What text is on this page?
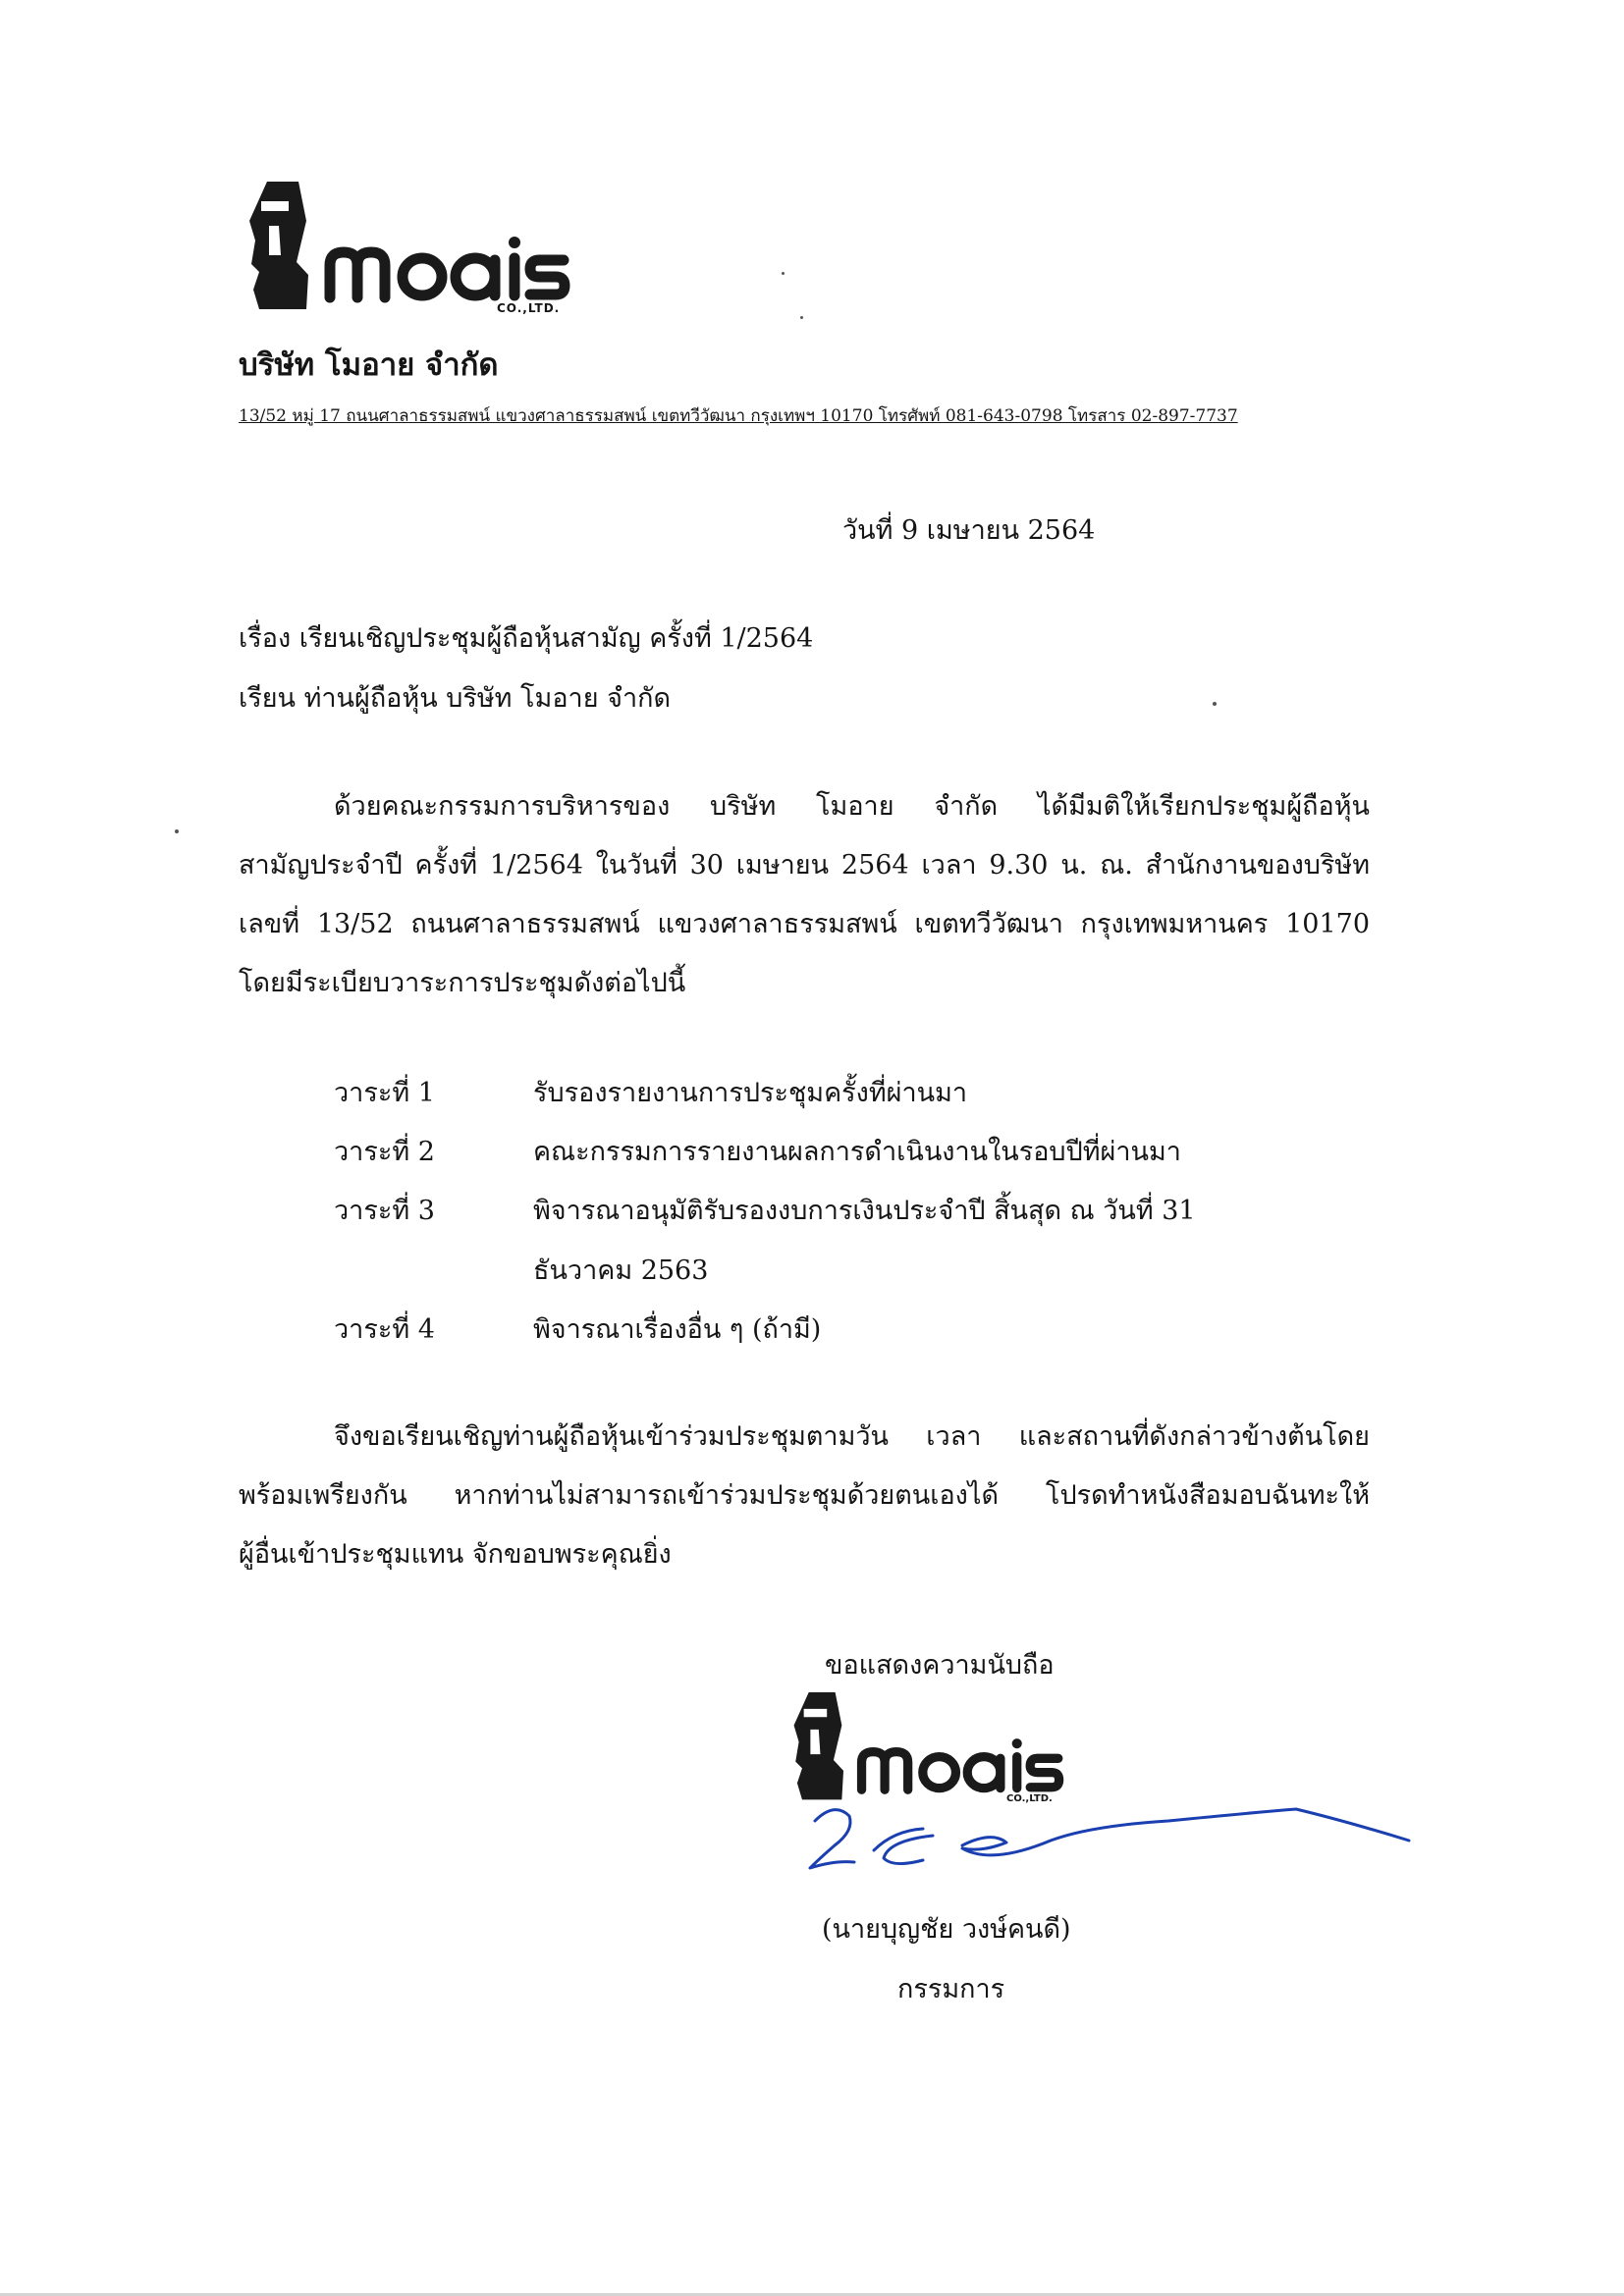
CO.,LTD.
บริษัท โมอาย จำกัด
13/52 หมู่ 17 ถนนศาลาธรรมสพน์ แขวงศาลาธรรมสพน์ เขตทวีวัฒนา กรุงเทพฯ 10170 โทรศัพท์ 081-643-0798 โทรสาร 02-897-7737
วันที่ 9 เมษายน 2564
เรื่อง เรียนเชิญประชุมผู้ถือหุ้นสามัญ ครั้งที่ 1/2564
เรียน ท่านผู้ถือหุ้น บริษัท โมอาย จำกัด
ด้วยคณะกรรมการบริหารของ บริษัท โมอาย จำกัด ได้มีมติให้เรียกประชุมผู้ถือหุ้น
สามัญประจำปี ครั้งที่ 1/2564 ในวันที่ 30 เมษายน 2564 เวลา 9.30 น. ณ. สำนักงานของบริษัท
เลขที่ 13/52 ถนนศาลาธรรมสพน์ แขวงศาลาธรรมสพน์ เขตทวีวัฒนา กรุงเทพมหานคร 10170
โดยมีระเบียบวาระการประชุมดังต่อไปนี้
วาระที่ 1	รับรองรายงานการประชุมครั้งที่ผ่านมา
วาระที่ 2	คณะกรรมการรายงานผลการดำเนินงานในรอบปีที่ผ่านมา
วาระที่ 3	พิจารณาอนุมัติรับรองงบการเงินประจำปี สิ้นสุด ณ วันที่ 31
ธันวาคม 2563
วาระที่ 4	พิจารณาเรื่องอื่น ๆ (ถ้ามี)
จึงขอเรียนเชิญท่านผู้ถือหุ้นเข้าร่วมประชุมตามวัน เวลา และสถานที่ดังกล่าวข้างต้นโดย
พร้อมเพรียงกัน หากท่านไม่สามารถเข้าร่วมประชุมด้วยตนเองได้ โปรดทำหนังสือมอบฉันทะให้
ผู้อื่นเข้าประชุมแทน จักขอบพระคุณยิ่ง
ขอแสดงความนับถือ
CO.,LTD.
(นายบุญชัย วงษ์คนดี)
กรรมการ
